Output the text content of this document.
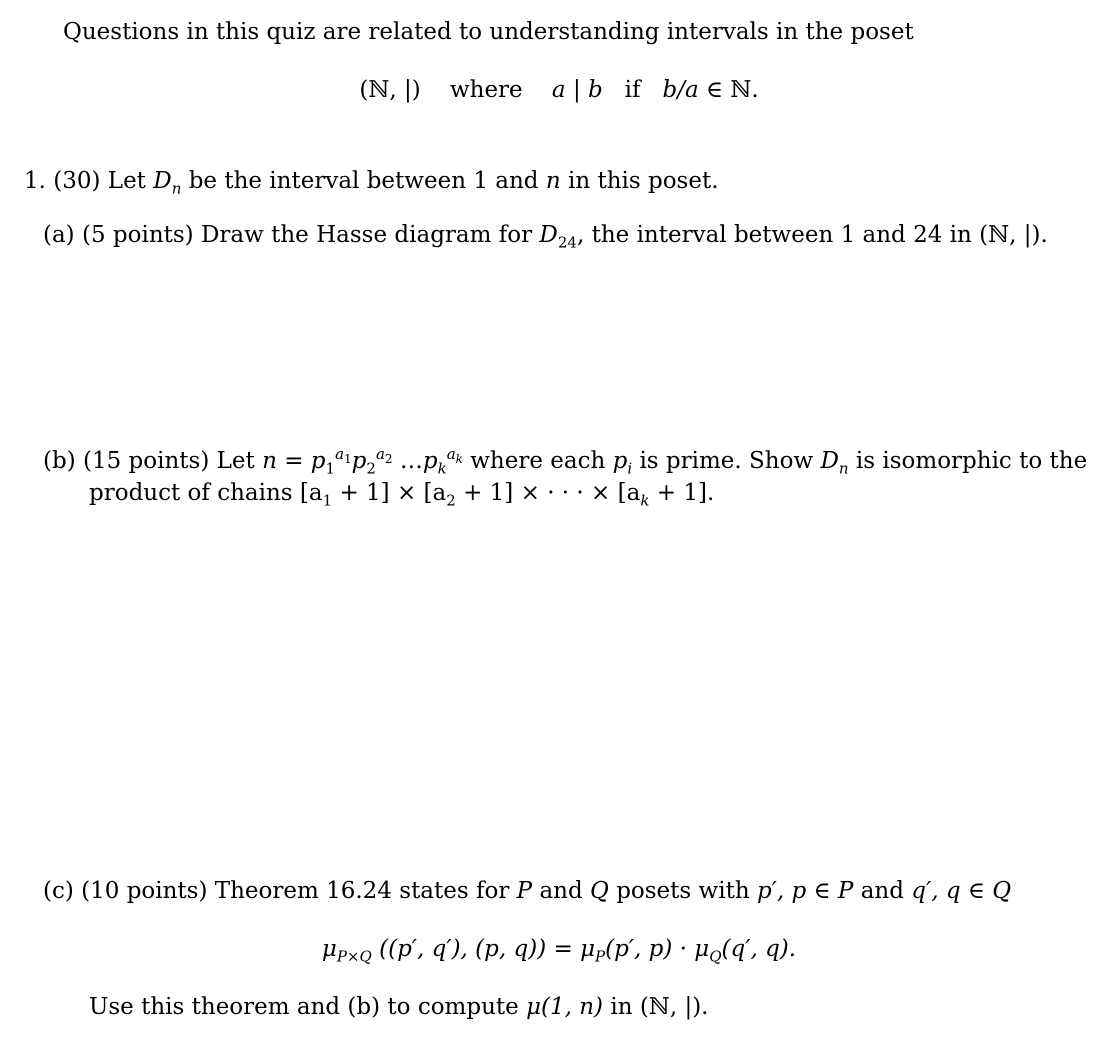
Questions in this quiz are related to understanding intervals in the poset
(ℕ, |) where a | b if b/a ∈ ℕ.
1. (30) Let $D_n$ be the interval between 1 and n in this poset.
(a) (5 points) Draw the Hasse diagram for $D_{24}$, the interval between 1 and 24 in (ℕ, |).
(b) (15 points) Let $n = p_1^{a_1}p_2^{a_2}$ $\dots p_k^{a_k}$ where each $p_i$ is prime. Show $D_n$ is isomorphic to the
product of chains $[a_1 + 1] \times [a_2 + 1]$ × · · · × $[a_k + 1]$.
(c) (10 points) Theorem 16.24 states for P and Q posets with p′, p ∈ P and q′, q ∈ Q
$\mu_{P\times Q}$ ((p′, q′), (p, $q)) = \mu_P(p'$, $p) \cdot \mu_Q(q'$, q).
Use this theorem and (b) to compute μ(1, n) in (ℕ, |).
